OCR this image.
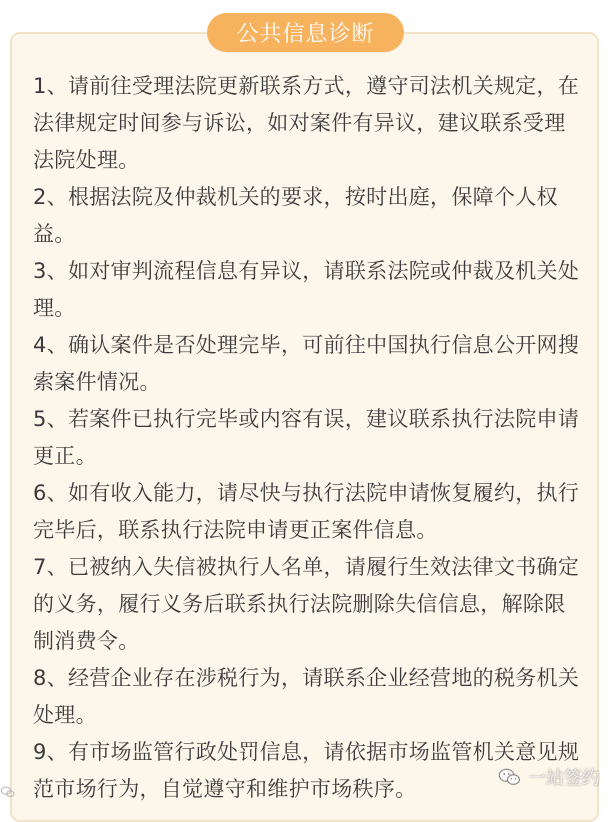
公共信息诊断

1、请前往受理法院更新联系方式，遵守司法机关规定，在法律规定时间参与诉讼，如对案件有异议，建议联系受理法院处理。

2、根据法院及仲裁机关的要求，按时出庭，保障个人权益。

3、如对审判流程信息有异议，请联系法院或仲裁及机关处理。

4、确认案件是否处理完毕，可前往中国执行信息公开网搜索案件情况。

5、若案件已执行完毕或内容有误，建议联系执行法院申请更正。

6、如有收入能力，请尽快与执行法院申请恢复履约，执行完毕后，联系执行法院申请更正案件信息。

7、已被纳入失信被执行人名单，请履行生效法律文书确定的义务，履行义务后联系执行法院删除失信信息，解除限制消费令。

8、经营企业存在涉税行为，请联系企业经营地的税务机关处理。

9、有市场监管行政处罚信息，请依据市场监管机关意见规范市场行为，自觉遵守和维护市场秩序。	一站签约
